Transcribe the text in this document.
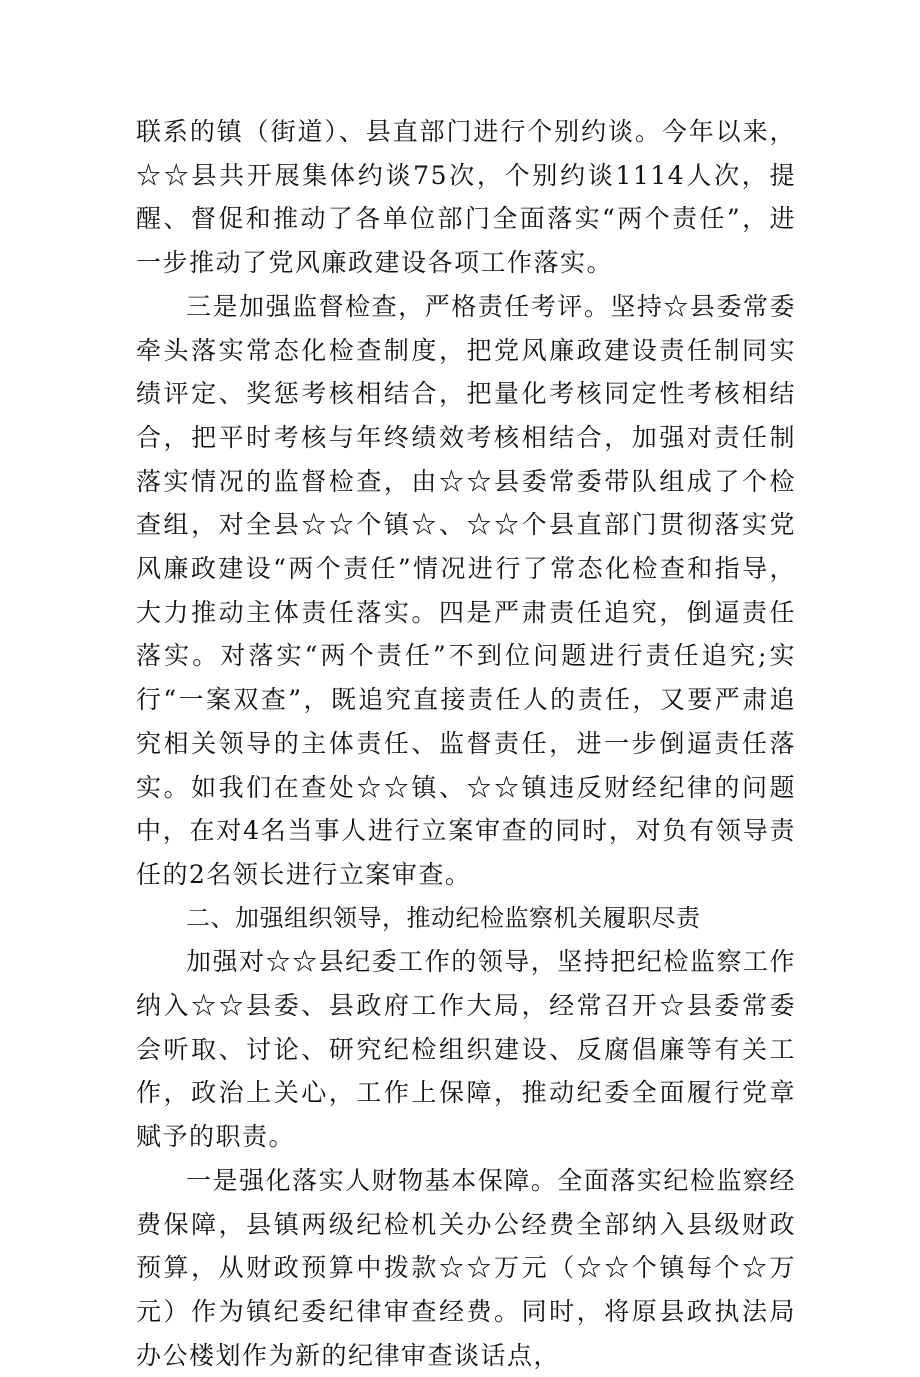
联系的镇（街道）、县直部门进行个别约谈。今年以来，☆☆县共开展集体约谈75次，个别约谈1114人次，提醒、督促和推动了各单位部门全面落实“两个责任”，进一步推动了党风廉政建设各项工作落实。

三是加强监督检查，严格责任考评。坚持☆县委常委牵头落实常态化检查制度，把党风廉政建设责任制同实绩评定、奖惩考核相结合，把量化考核同定性考核相结合，把平时考核与年终绩效考核相结合，加强对责任制落实情况的监督检查，由☆☆县委常委带队组成了个检查组，对全县☆☆个镇☆、☆☆个县直部门贯彻落实党风廉政建设“两个责任”情况进行了常态化检查和指导，大力推动主体责任落实。四是严肃责任追究，倒逼责任落实。对落实“两个责任”不到位问题进行责任追究;实行“一案双查”，既追究直接责任人的责任，又要严肃追究相关领导的主体责任、监督责任，进一步倒逼责任落实。如我们在查处☆☆镇、☆☆镇违反财经纪律的问题中，在对4名当事人进行立案审查的同时，对负有领导责任的2名领长进行立案审查。

二、加强组织领导，推动纪检监察机关履职尽责

加强对☆☆县纪委工作的领导，坚持把纪检监察工作纳入☆☆县委、县政府工作大局，经常召开☆县委常委会听取、讨论、研究纪检组织建设、反腐倡廉等有关工作，政治上关心，工作上保障，推动纪委全面履行党章赋予的职责。

一是强化落实人财物基本保障。全面落实纪检监察经费保障，县镇两级纪检机关办公经费全部纳入县级财政预算，从财政预算中拨款☆☆万元（☆☆个镇每个☆万元）作为镇纪委纪律审查经费。同时，将原县政执法局办公楼划作为新的纪律审查谈话点，
